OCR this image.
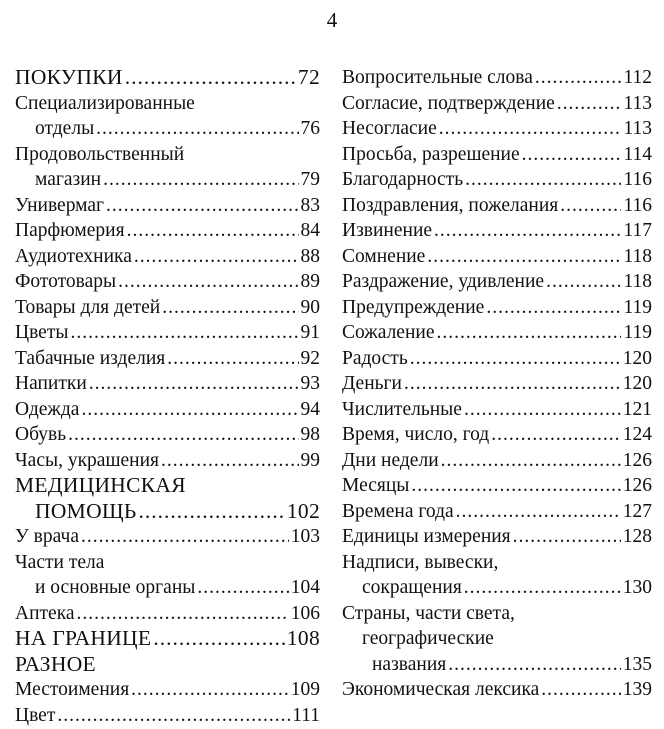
4
ПОКУПКИ .....	72
Специализированные
отделы .....	76
Продовольственный
магазин .....	79
Универмаг .....	83
Парфюмерия .....	84
Аудиотехника .....	88
Фототовары .....	89
Товары для детей .....	90
Цветы .....	91
Табачные изделия .....	92
Напитки .....	93
Одежда .....	94
Обувь .....	98
Часы, украшения .....	99
МЕДИЦИНСКАЯ
ПОМОЩЬ .....	102
У врача .....	103
Части тела
и основные органы .....	104
Аптека .....	106
НА ГРАНИЦЕ .....	108
РАЗНОЕ
Местоимения .....	109
Цвет .....	111
Вопросительные слова .....	112
Согласие, подтверждение .....	113
Несогласие .....	113
Просьба, разрешение .....	114
Благодарность .....	116
Поздравления, пожелания .....	116
Извинение .....	117
Сомнение .....	118
Раздражение, удивление .....	118
Предупреждение .....	119
Сожаление .....	119
Радость .....	120
Деньги .....	120
Числительные .....	121
Время, число, год .....	124
Дни недели .....	126
Месяцы .....	126
Времена года .....	127
Единицы измерения .....	128
Надписи, вывески,
сокращения .....	130
Страны, части света,
географические
названия .....	135
Экономическая лексика .....	139
